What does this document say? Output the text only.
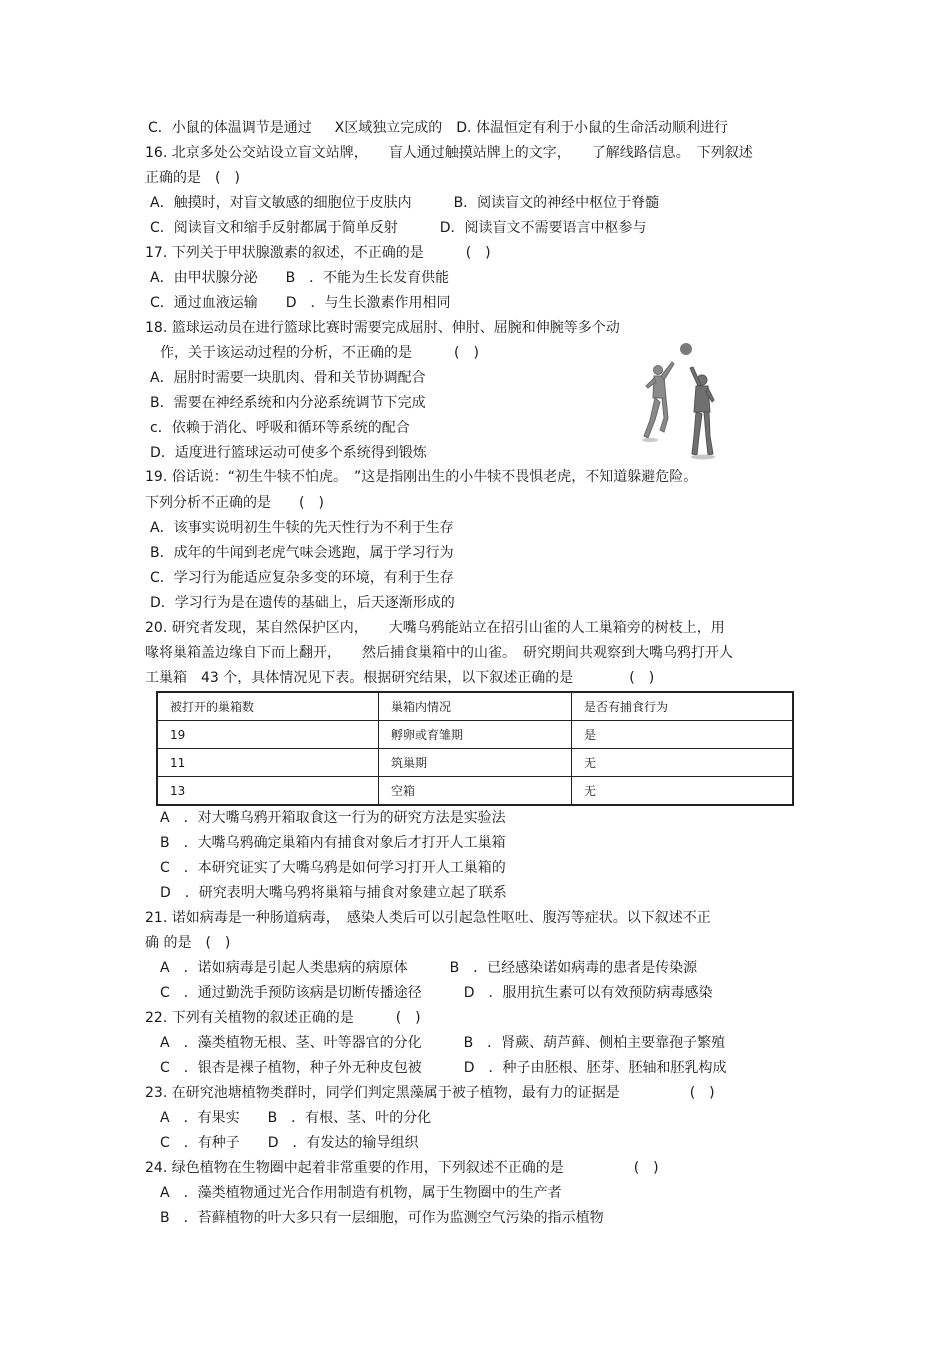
C．小鼠的体温调节是通过　  X区域独立完成的　D. 体温恒定有利于小鼠的生命活动顺利进行
16. 北京多处公交站设立盲文站牌，　　盲人通过触摸站牌上的文字，　　了解线路信息。　下列叙述
正确的是　(　)
A．触摸时，对盲文敏感的细胞位于皮肤内　　　B．阅读盲文的神经中枢位于脊髓
C．阅读盲文和缩手反射都属于简单反射　　　D．阅读盲文不需要语言中枢参与
17. 下列关于甲状腺激素的叙述，不正确的是　　　(　)
A．由甲状腺分泌　　B　．不能为生长发育供能
C．通过血液运输　　D　．与生长激素作用相同
18. 篮球运动员在进行篮球比赛时需要完成屈肘、伸肘、屈腕和伸腕等多个动
作，关于该运动过程的分析，不正确的是　　　(　)
A．屈肘时需要一块肌肉、骨和关节协调配合
B．需要在神经系统和内分泌系统调节下完成
c．依赖于消化、呼吸和循环等系统的配合
D．适度进行篮球运动可使多个系统得到锻炼
19. 俗话说：“初生牛犊不怕虎。　”这是指刚出生的小牛犊不畏惧老虎，不知道躲避危险。
下列分析不正确的是　　(　)
A．该事实说明初生牛犊的先天性行为不利于生存
B．成年的牛闻到老虎气味会逃跑，属于学习行为
C．学习行为能适应复杂多变的环境，有利于生存
D．学习行为是在遗传的基础上，后天逐渐形成的
20. 研究者发现，某自然保护区内，　　大嘴乌鸦能站立在招引山雀的人工巢箱旁的树枝上，用
喙将巢箱盖边缘自下而上翻开，　　然后捕食巢箱中的山雀。　研究期间共观察到大嘴乌鸦打开人
工巢箱　43 个，具体情况见下表。根据研究结果，以下叙述正确的是　　　　(　)
被打开的巢箱数	巢箱内情况	是否有捕食行为
19	孵卵或育雏期	是
11	筑巢期	无
13	空箱	无
A　．对大嘴乌鸦开箱取食这一行为的研究方法是实验法
B　．大嘴乌鸦确定巢箱内有捕食对象后才打开人工巢箱
C　．本研究证实了大嘴乌鸦是如何学习打开人工巢箱的
D　．研究表明大嘴乌鸦将巢箱与捕食对象建立起了联系
21. 诺如病毒是一种肠道病毒，　感染人类后可以引起急性呕吐、腹泻等症状。以下叙述不正
确 的是　(　)
A　．诺如病毒是引起人类患病的病原体　　　B　．已经感染诺如病毒的患者是传染源
C　．通过勤洗手预防该病是切断传播途径　　　D　．服用抗生素可以有效预防病毒感染
22. 下列有关植物的叙述正确的是　　　(　)
A　．藻类植物无根、茎、叶等器官的分化　　　B　．肾蕨、葫芦藓、侧柏主要靠孢子繁殖
C　．银杏是裸子植物，种子外无种皮包被　　　D　．种子由胚根、胚芽、胚轴和胚乳构成
23. 在研究池塘植物类群时，同学们判定黑藻属于被子植物，最有力的证据是　　　　　(　)
A　．有果实　　B　．有根、茎、叶的分化
C　．有种子　　D　．有发达的输导组织
24. 绿色植物在生物圈中起着非常重要的作用，下列叙述不正确的是　　　　　(　)
A　．藻类植物通过光合作用制造有机物，属于生物圈中的生产者
B　．苔藓植物的叶大多只有一层细胞，可作为监测空气污染的指示植物
